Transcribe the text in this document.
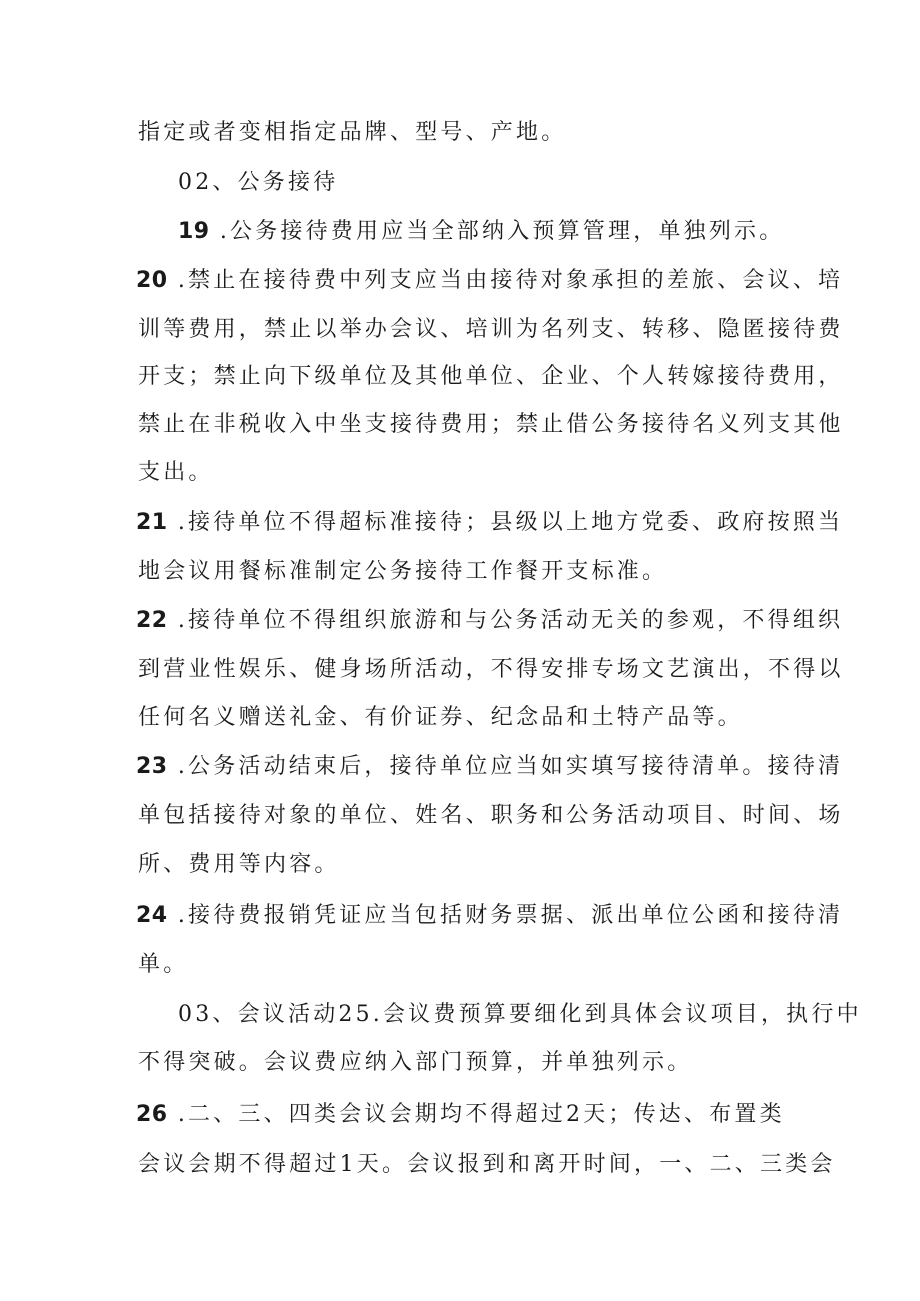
指定或者变相指定品牌、型号、产地。
02、公务接待
19 .公务接待费用应当全部纳入预算管理，单独列示。
20 .禁止在接待费中列支应当由接待对象承担的差旅、会议、培
训等费用，禁止以举办会议、培训为名列支、转移、隐匿接待费
开支；禁止向下级单位及其他单位、企业、个人转嫁接待费用，
禁止在非税收入中坐支接待费用；禁止借公务接待名义列支其他
支出。
21 .接待单位不得超标准接待；县级以上地方党委、政府按照当
地会议用餐标准制定公务接待工作餐开支标准。
22 .接待单位不得组织旅游和与公务活动无关的参观，不得组织
到营业性娱乐、健身场所活动，不得安排专场文艺演出，不得以
任何名义赠送礼金、有价证券、纪念品和土特产品等。
23 .公务活动结束后，接待单位应当如实填写接待清单。接待清
单包括接待对象的单位、姓名、职务和公务活动项目、时间、场
所、费用等内容。
24 .接待费报销凭证应当包括财务票据、派出单位公函和接待清
单。
03、会议活动25.会议费预算要细化到具体会议项目，执行中
不得突破。会议费应纳入部门预算，并单独列示。
26 .二、三、四类会议会期均不得超过2天；传达、布置类
会议会期不得超过1天。会议报到和离开时间，一、二、三类会
